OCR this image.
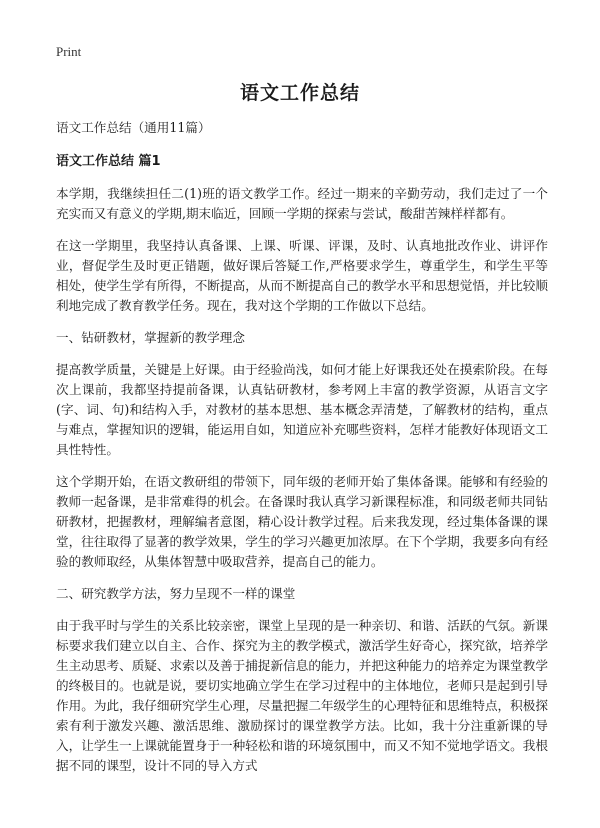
Print
语文工作总结

语文工作总结（通用11篇）

语文工作总结 篇1

本学期，我继续担任二(1)班的语文教学工作。经过一期来的辛勤劳动，我们走过了一个充实而又有意义的学期,期末临近，回顾一学期的探索与尝试，酸甜苦辣样样都有。

在这一学期里，我坚持认真备课、上课、听课、评课，及时、认真地批改作业、讲评作业，督促学生及时更正错题，做好课后答疑工作,严格要求学生，尊重学生，和学生平等相处，使学生学有所得，不断提高，从而不断提高自己的教学水平和思想觉悟，并比较顺利地完成了教育教学任务。现在，我对这个学期的工作做以下总结。

一、钻研教材，掌握新的教学理念

提高教学质量，关键是上好课。由于经验尚浅，如何才能上好课我还处在摸索阶段。在每次上课前，我都坚持提前备课，认真钻研教材，参考网上丰富的教学资源，从语言文字(字、词、句)和结构入手，对教材的基本思想、基本概念弄清楚，了解教材的结构，重点与难点，掌握知识的逻辑，能运用自如，知道应补充哪些资料，怎样才能教好体现语文工具性特性。

这个学期开始，在语文教研组的带领下，同年级的老师开始了集体备课。能够和有经验的教师一起备课，是非常难得的机会。在备课时我认真学习新课程标准，和同级老师共同钻研教材，把握教材，理解编者意图，精心设计教学过程。后来我发现，经过集体备课的课堂，往往取得了显著的教学效果，学生的学习兴趣更加浓厚。在下个学期，我要多向有经验的教师取经，从集体智慧中吸取营养，提高自己的能力。

二、研究教学方法，努力呈现不一样的课堂

由于我平时与学生的关系比较亲密，课堂上呈现的是一种亲切、和谐、活跃的气氛。新课标要求我们建立以自主、合作、探究为主的教学模式，激活学生好奇心，探究欲，培养学生主动思考、质疑、求索以及善于捕捉新信息的能力，并把这种能力的培养定为课堂教学的终极目的。也就是说，要切实地确立学生在学习过程中的主体地位，老师只是起到引导作用。为此，我仔细研究学生心理，尽量把握二年级学生的心理特征和思维特点，积极探索有利于激发兴趣、激活思维、激励探讨的课堂教学方法。比如，我十分注重新课的导入，让学生一上课就能置身于一种轻松和谐的环境氛围中，而又不知不觉地学语文。我根据不同的课型，设计不同的导入方式
